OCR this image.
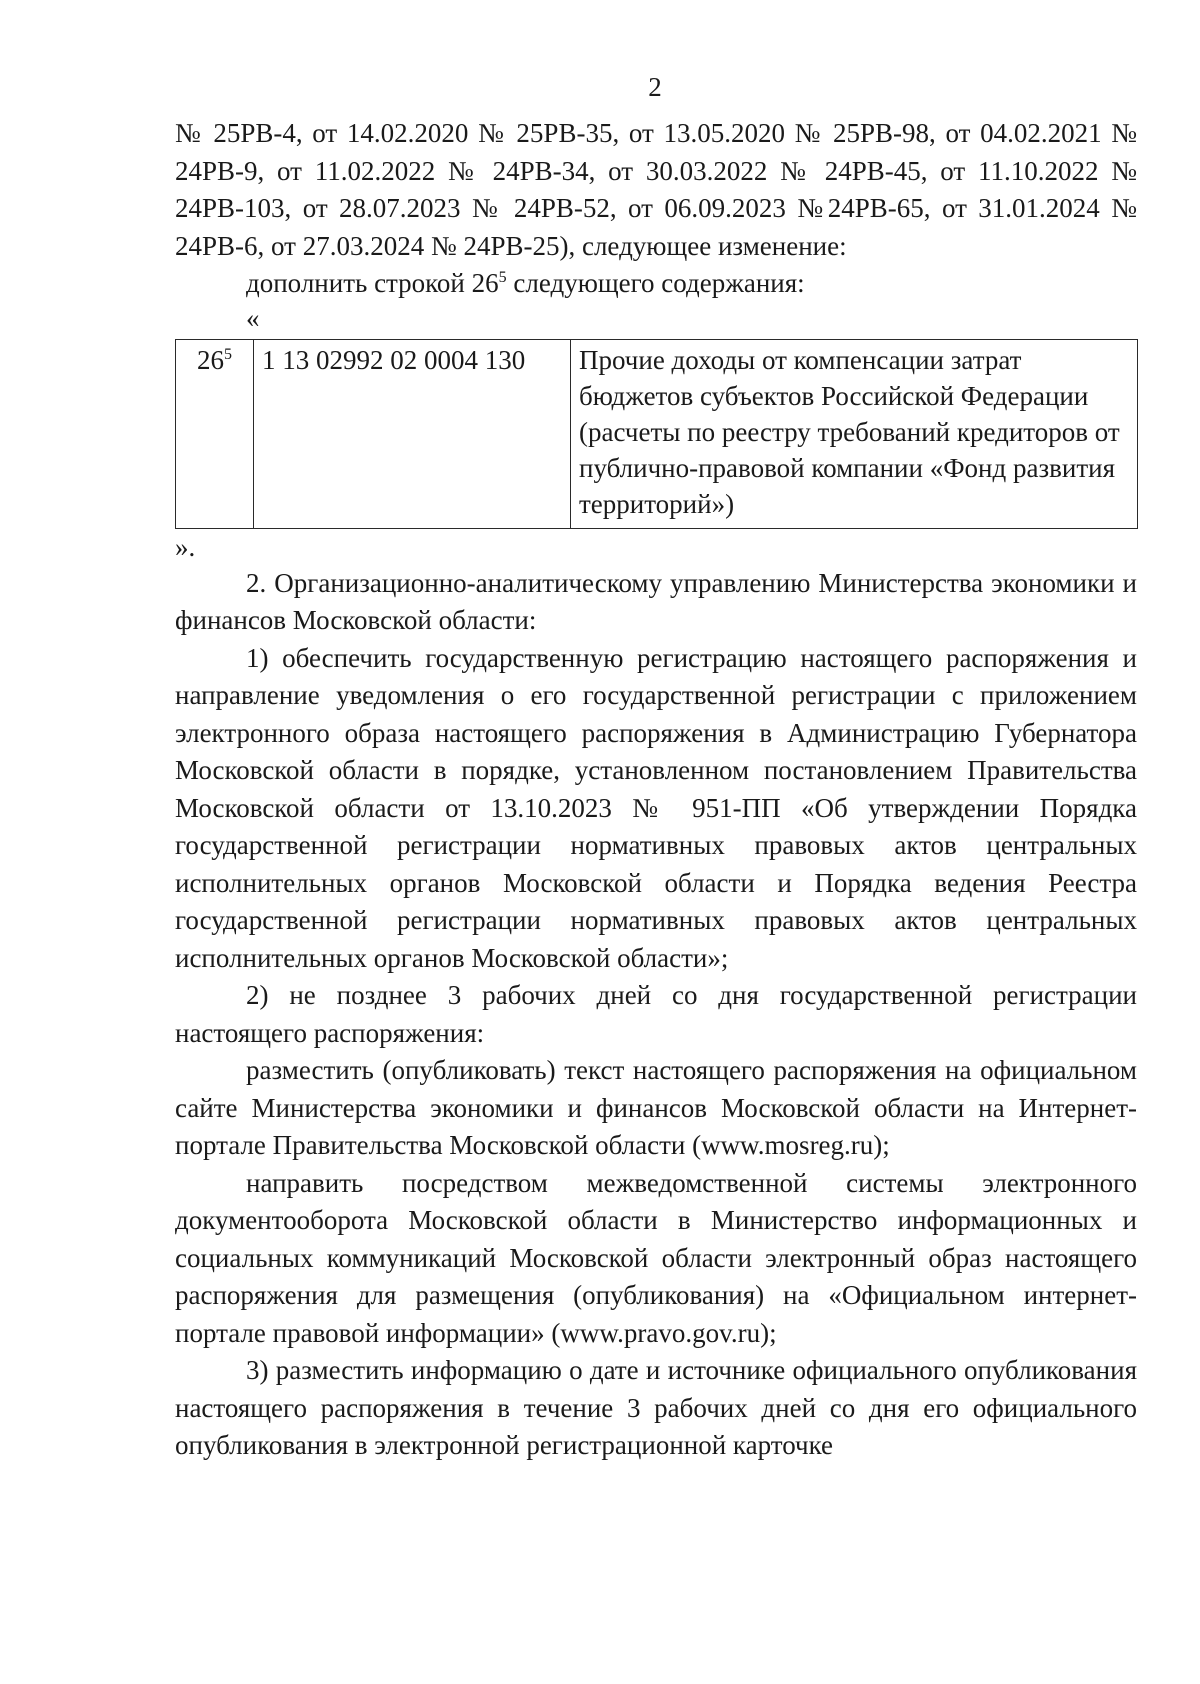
2

№ 25РВ-4, от 14.02.2020 № 25РВ-35, от 13.05.2020 № 25РВ-98, от 04.02.2021 № 24РВ-9, от 11.02.2022 № 24РВ-34, от 30.03.2022 № 24РВ-45, от 11.10.2022 № 24РВ-103, от 28.07.2023 № 24РВ-52, от 06.09.2023 №24РВ-65, от 31.01.2024 № 24РВ-6, от 27.03.2024 № 24РВ-25), следующее изменение:

дополнить строкой $26^5$ следующего содержания:

«

$26^5$	1 13 02992 02 0004 130	Прочие доходы от компенсации затрат бюджетов субъектов Российской Федерации (расчеты по реестру требований кредиторов от публично-правовой компании «Фонд развития территорий»)

».

2. Организационно-аналитическому управлению Министерства экономики и финансов Московской области:

1) обеспечить государственную регистрацию настоящего распоряжения и направление уведомления о его государственной регистрации с приложением электронного образа настоящего распоряжения в Администрацию Губернатора Московской области в порядке, установленном постановлением Правительства Московской области от 13.10.2023 № 951-ПП «Об утверждении Порядка государственной регистрации нормативных правовых актов центральных исполнительных органов Московской области и Порядка ведения Реестра государственной регистрации нормативных правовых актов центральных исполнительных органов Московской области»;

2) не позднее 3 рабочих дней со дня государственной регистрации настоящего распоряжения:

разместить (опубликовать) текст настоящего распоряжения на официальном сайте Министерства экономики и финансов Московской области на Интернет-портале Правительства Московской области (www.mosreg.ru);

направить посредством межведомственной системы электронного документооборота Московской области в Министерство информационных и социальных коммуникаций Московской области электронный образ настоящего распоряжения для размещения (опубликования) на «Официальном интернет-портале правовой информации» (www.pravo.gov.ru);

3) разместить информацию о дате и источнике официального опубликования настоящего распоряжения в течение 3 рабочих дней со дня его официального опубликования в электронной регистрационной карточке
